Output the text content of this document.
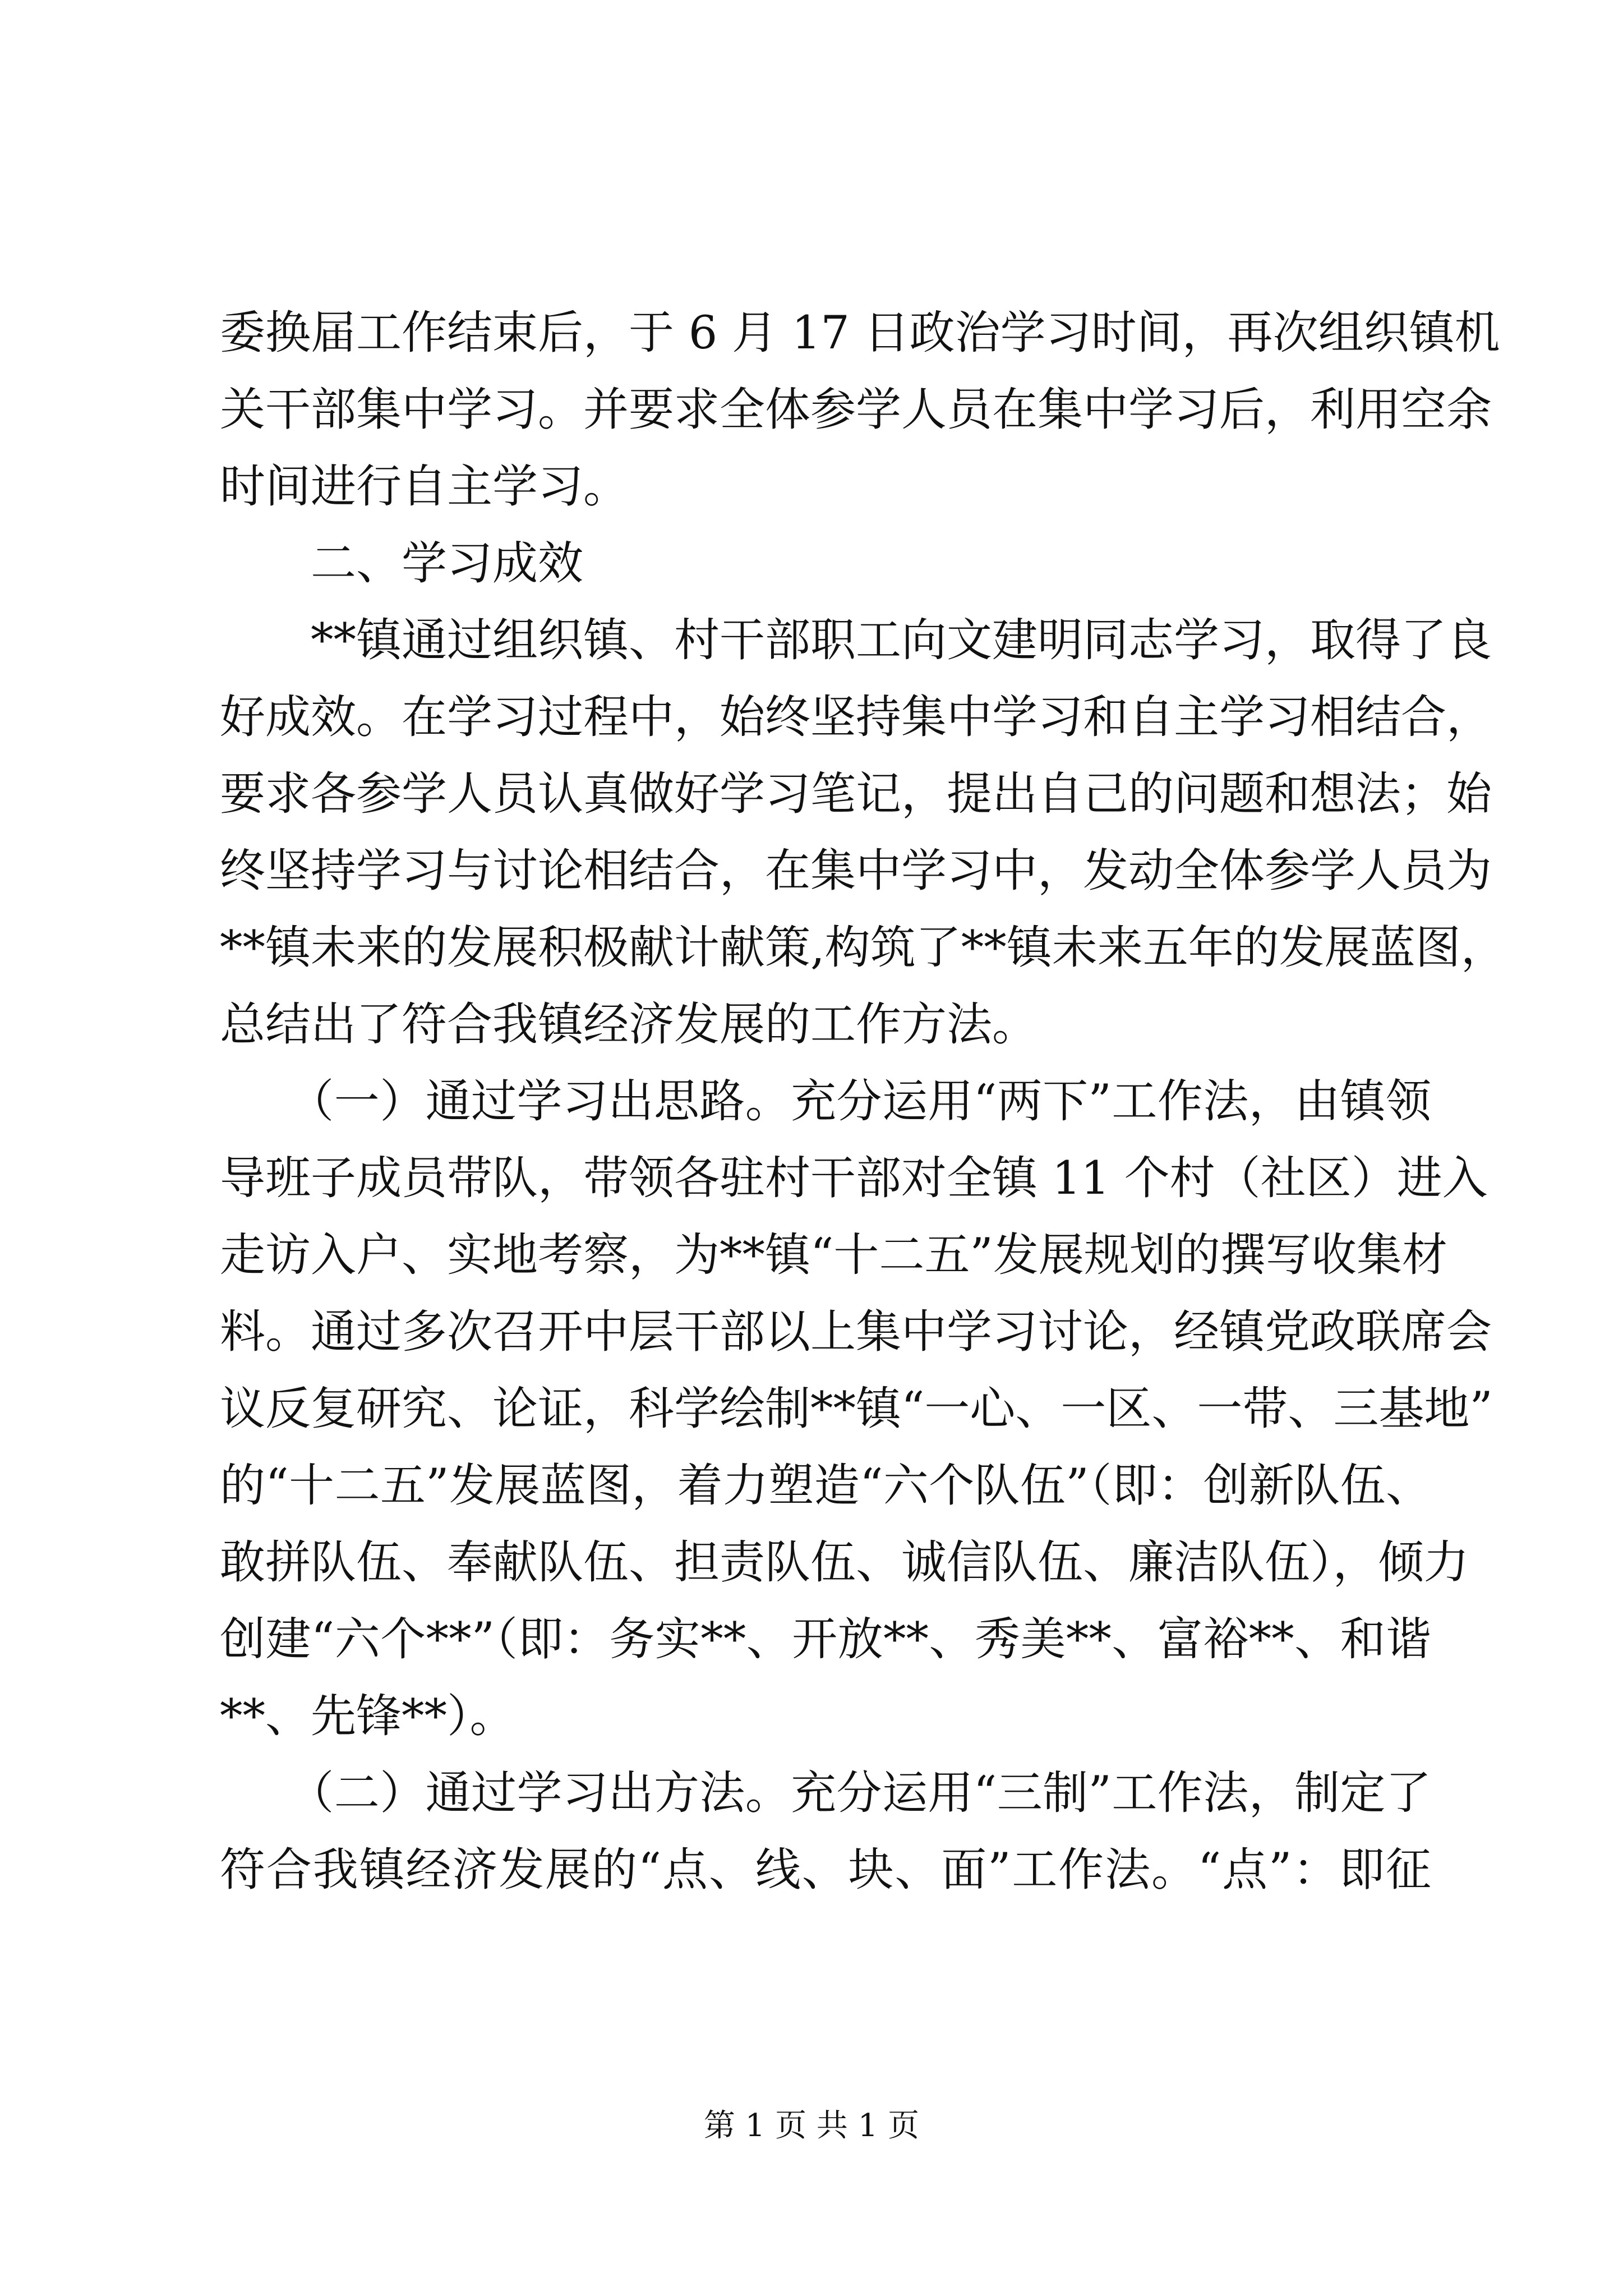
委换届工作结束后，于 6 月 17 日政治学习时间，再次组织镇机
关干部集中学习。并要求全体参学人员在集中学习后，利用空余
时间进行自主学习。
二、学习成效
　　**镇通过组织镇、村干部职工向文建明同志学习，取得了良
好成效。在学习过程中，始终坚持集中学习和自主学习相结合，
要求各参学人员认真做好学习笔记，提出自己的问题和想法；始
终坚持学习与讨论相结合，在集中学习中，发动全体参学人员为
**镇未来的发展积极献计献策,构筑了**镇未来五年的发展蓝图，
总结出了符合我镇经济发展的工作方法。
　　（一）通过学习出思路。充分运用“两下”工作法，由镇领
导班子成员带队，带领各驻村干部对全镇 11 个村（社区）进入
走访入户、实地考察，为**镇“十二五”发展规划的撰写收集材
料。通过多次召开中层干部以上集中学习讨论，经镇党政联席会
议反复研究、论证，科学绘制**镇“一心、一区、一带、三基地”
的“十二五”发展蓝图，着力塑造“六个队伍”（即：创新队伍、
敢拼队伍、奉献队伍、担责队伍、诚信队伍、廉洁队伍），倾力
创建“六个**”（即：务实**、开放**、秀美**、富裕**、和谐
**、先锋**）。
　　（二）通过学习出方法。充分运用“三制”工作法，制定了
符合我镇经济发展的“点、线、块、面”工作法。“点”：即征
第 1 页 共 1 页
